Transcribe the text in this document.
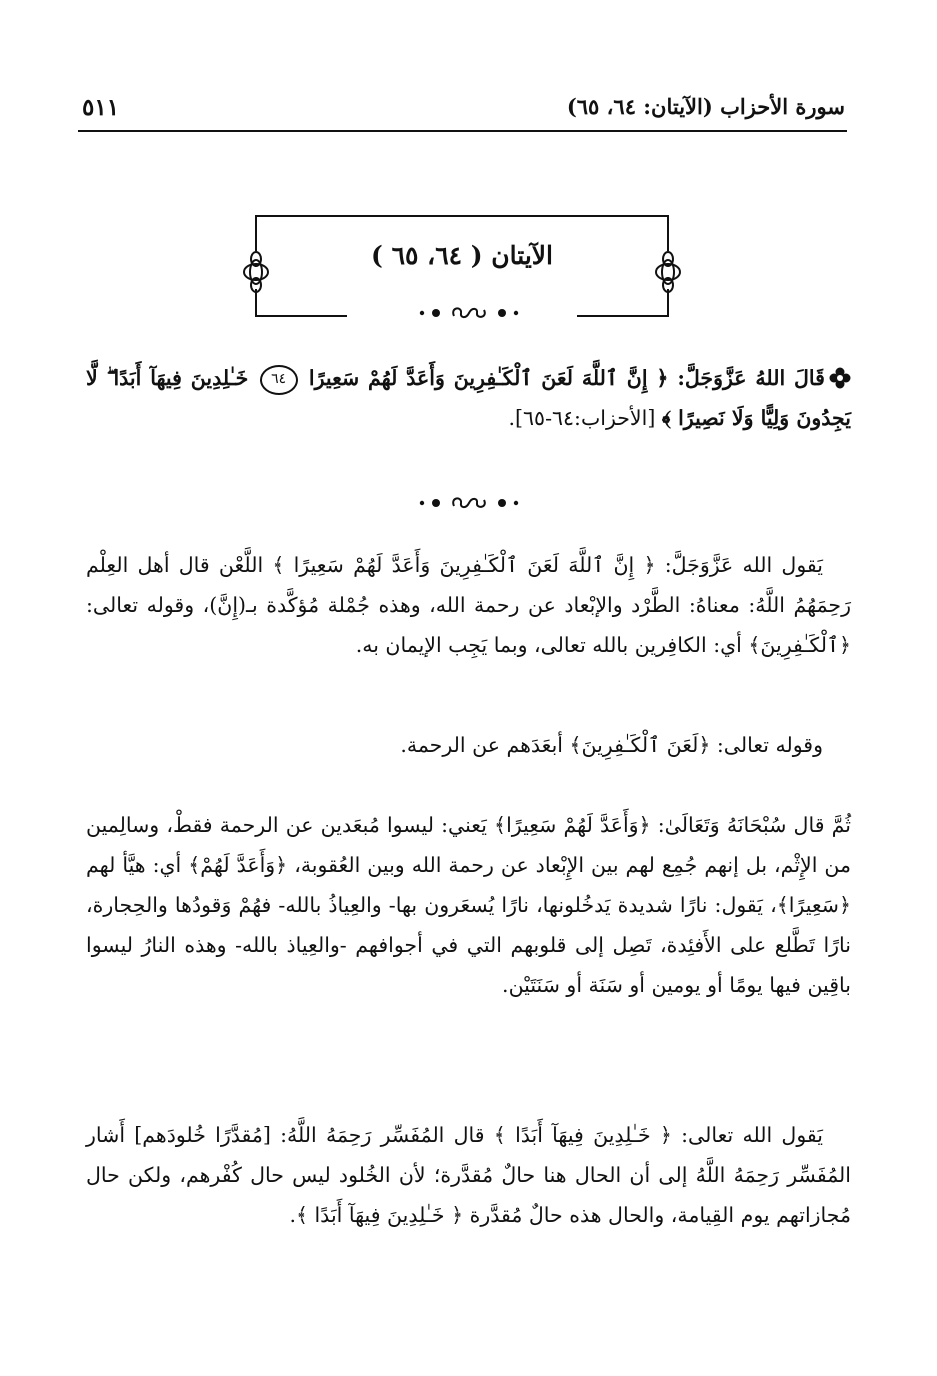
سورة الأحزاب (الآيتان: ٦٤، ٦٥)
٥١١
الآيتان ( ٦٤، ٦٥ )

قَالَ اللهُ عَزَّوَجَلَّ: ﴿ إِنَّ ٱللَّهَ لَعَنَ ٱلْكَـٰفِرِينَ وَأَعَدَّ لَهُمْ سَعِيرًا ٦٤ خَـٰلِدِينَ فِيهَآ أَبَدًا ۖ لَّا يَجِدُونَ وَلِيًّا وَلَا نَصِيرًا ﴾ [الأحزاب:٦٤-٦٥].

يَقول الله عَزَّوَجَلَّ: ﴿ إِنَّ ٱللَّهَ لَعَنَ ٱلْكَـٰفِرِينَ وَأَعَدَّ لَهُمْ سَعِيرًا ﴾ اللَّعْن قال أهل العِلْم رَحِمَهُمُ اللَّهُ: معناهُ: الطَّرْد والإبْعاد عن رحمة الله، وهذه جُمْلة مُؤكَّدة بـ(إِنَّ)، وقوله تعالى: ﴿ٱلْكَـٰفِرِينَ﴾ أي: الكافِرين بالله تعالى، وبما يَجِب الإيمان به.

وقوله تعالى: ﴿لَعَنَ ٱلْكَـٰفِرِينَ﴾ أبعَدَهم عن الرحمة.

ثُمَّ قال سُبْحَانَهُ وَتَعَالَىٰ: ﴿وَأَعَدَّ لَهُمْ سَعِيرًا﴾ يَعني: ليسوا مُبعَدين عن الرحمة فقطْ، وسالِمين من الإِثْم، بل إنهم جُمِع لهم بين الإِبْعاد عن رحمة الله وبين العُقوبة، ﴿وَأَعَدَّ لَهُمْ﴾ أي: هيَّأ لهم ﴿سَعِيرًا﴾، يَقول: نارًا شديدة يَدخُلونها، نارًا يُسعَرون بها- والعِياذُ بالله- فهُمْ وَقودُها والحِجارة، نارًا تَطَّلع على الأَفئِدة، تَصِل إلى قلوبهم التي في أجوافهم -والعِياذ بالله- وهذه النارُ ليسوا باقِين فيها يومًا أو يومين أو سَنَة أو سَنَتَيْن.

يَقول الله تعالى: ﴿ خَـٰلِدِينَ فِيهَآ أَبَدًا ﴾ قال المُفَسِّر رَحِمَهُ اللَّهُ: [مُقدَّرًا خُلودَهم] أَشار المُفَسِّر رَحِمَهُ اللَّهُ إلى أن الحال هنا حالٌ مُقدَّرة؛ لأن الخُلود ليس حال كُفْرهم، ولكن حال مُجازاتهم يوم القِيامة، والحال هذه حالٌ مُقدَّرة ﴿ خَـٰلِدِينَ فِيهَآ أَبَدًا ﴾.
